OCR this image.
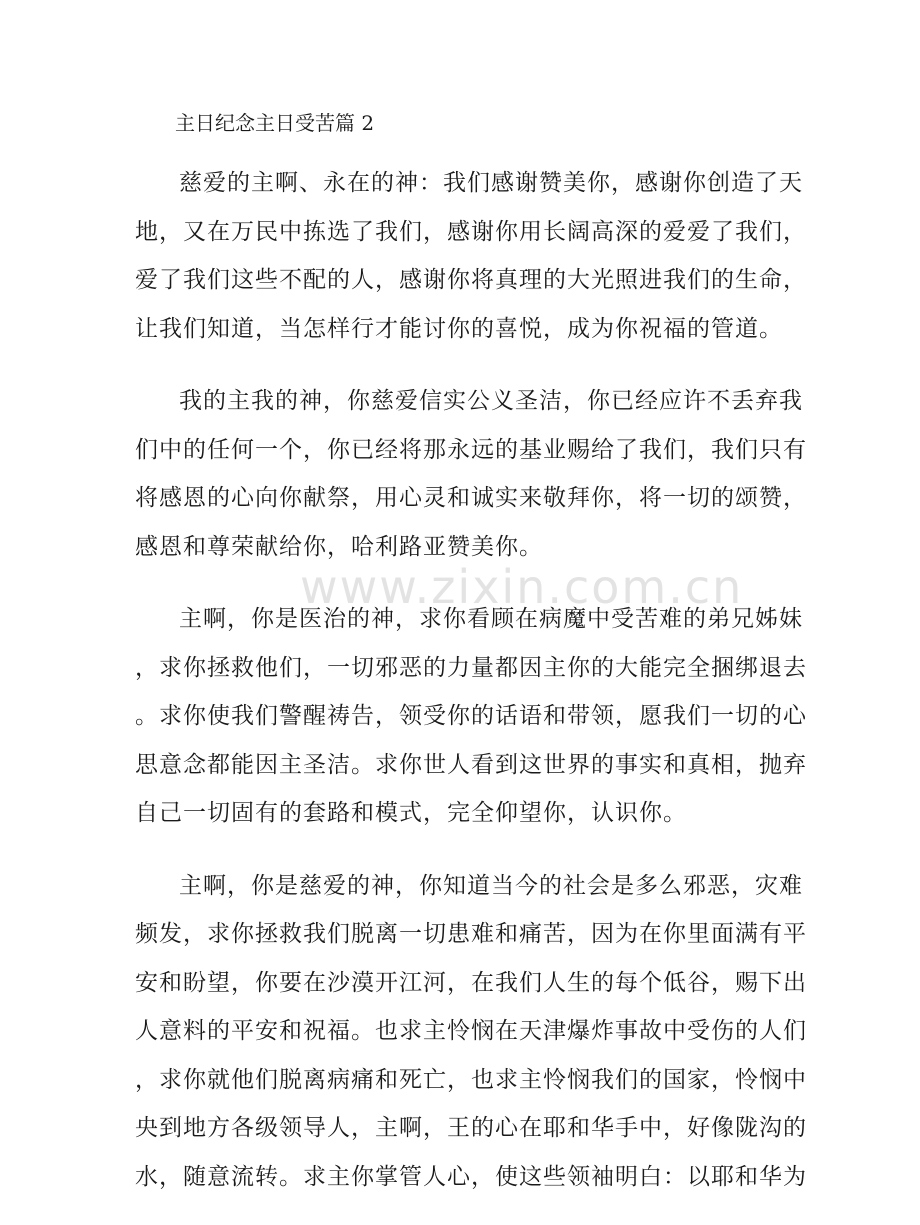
www.zixin.com.cn
主日纪念主日受苦篇 2
慈爱的主啊、永在的神：我们感谢赞美你，感谢你创造了天
地，又在万民中拣选了我们，感谢你用长阔高深的爱爱了我们，
爱了我们这些不配的人，感谢你将真理的大光照进我们的生命，
让我们知道，当怎样行才能讨你的喜悦，成为你祝福的管道。
我的主我的神，你慈爱信实公义圣洁，你已经应许不丢弃我
们中的任何一个，你已经将那永远的基业赐给了我们，我们只有
将感恩的心向你献祭，用心灵和诚实来敬拜你，将一切的颂赞，
感恩和尊荣献给你，哈利路亚赞美你。
主啊，你是医治的神，求你看顾在病魔中受苦难的弟兄姊妹
，求你拯救他们，一切邪恶的力量都因主你的大能完全捆绑退去
。求你使我们警醒祷告，领受你的话语和带领，愿我们一切的心
思意念都能因主圣洁。求你世人看到这世界的事实和真相，抛弃
自己一切固有的套路和模式，完全仰望你，认识你。
主啊，你是慈爱的神，你知道当今的社会是多么邪恶，灾难
频发，求你拯救我们脱离一切患难和痛苦，因为在你里面满有平
安和盼望，你要在沙漠开江河，在我们人生的每个低谷，赐下出
人意料的平安和祝福。也求主怜悯在天津爆炸事故中受伤的人们
，求你就他们脱离病痛和死亡，也求主怜悯我们的国家，怜悯中
央到地方各级领导人，主啊，王的心在耶和华手中，好像陇沟的
水，随意流转。求主你掌管人心，使这些领袖明白：以耶和华为
